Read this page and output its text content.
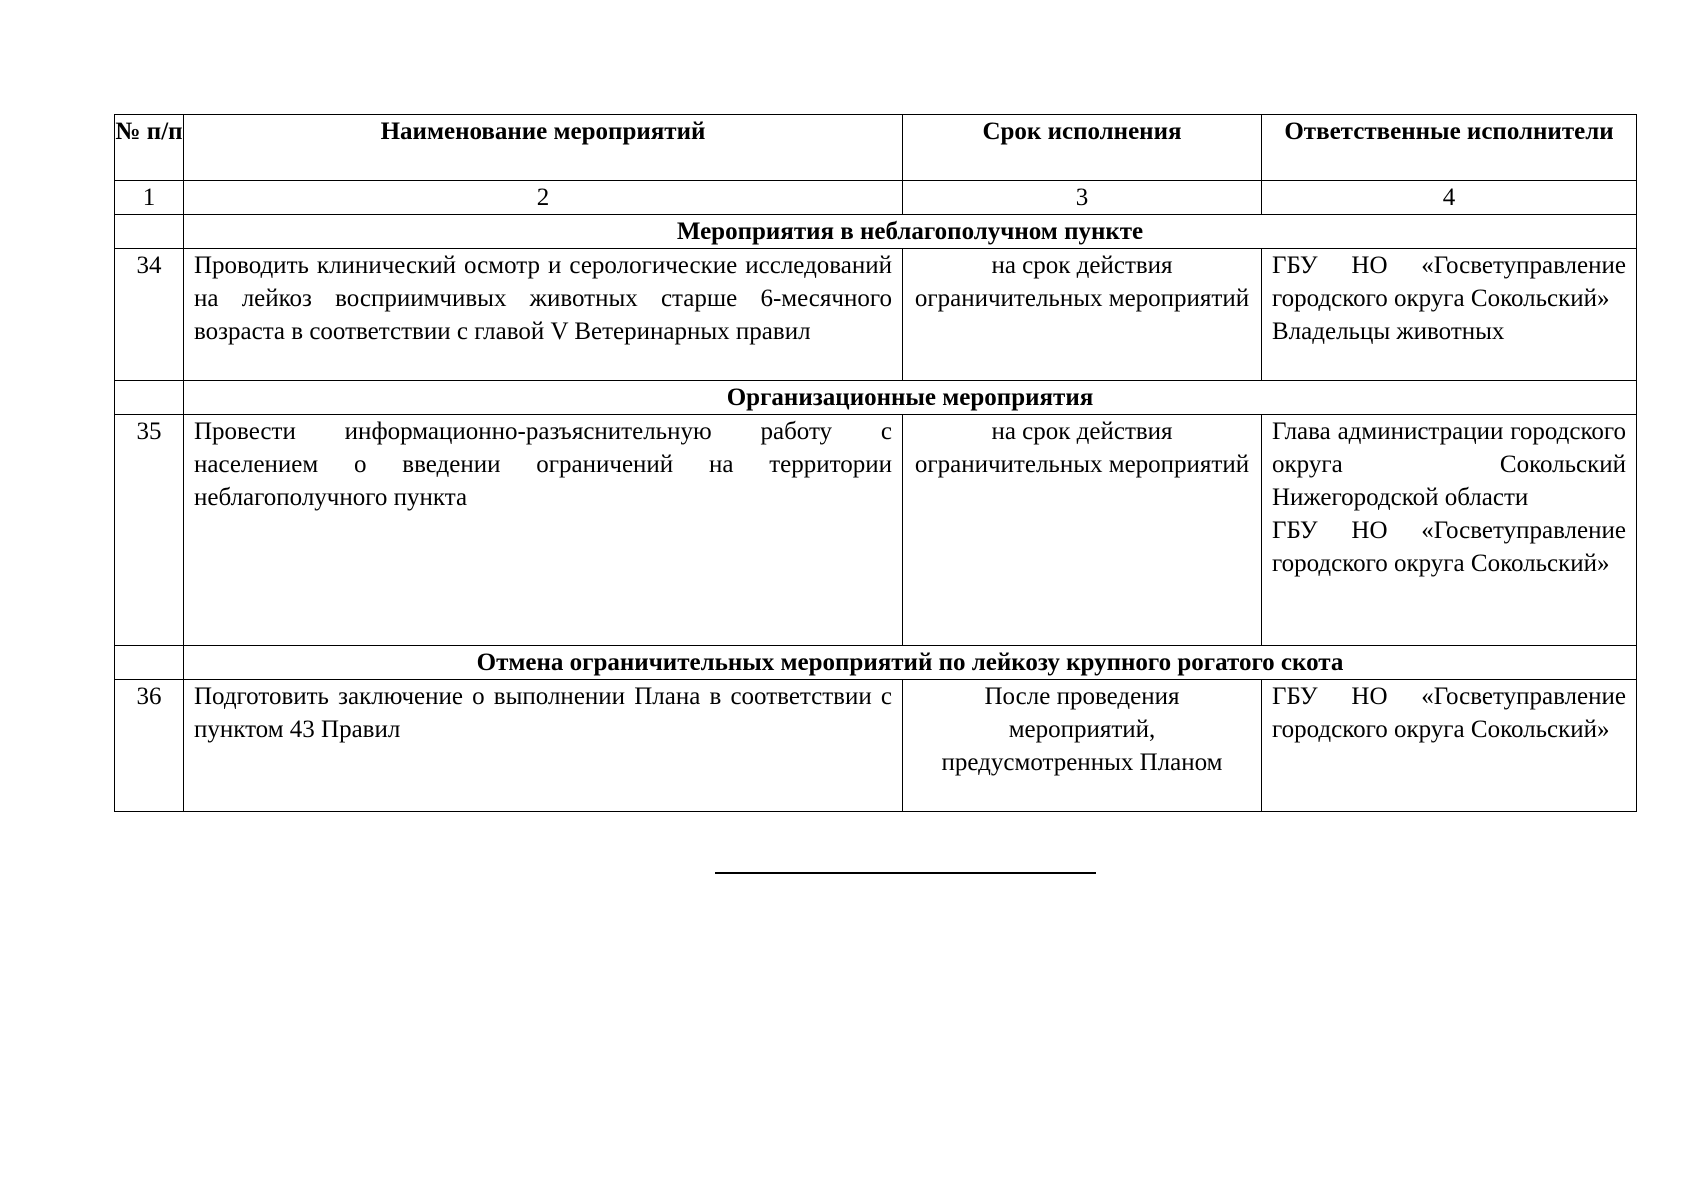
№ п/п	Наименование мероприятий	Срок исполнения	Ответственные исполнители
1	2	3	4
	Мероприятия в неблагополучном пункте		
34	Проводить клинический осмотр и серологические исследований на лейкоз восприимчивых животных старше 6-месячного возраста в соответствии с главой V Ветеринарных правил	на срок действия ограничительных мероприятий	ГБУ НО «Госветуправление городского округа Сокольский»
Владельцы животных

	Организационные мероприятия		
35	Провести информационно-разъяснительную работу с населением о введении ограничений на территории неблагополучного пункта	на срок действия ограничительных мероприятий	Глава администрации городского округа Сокольский Нижегородской области
ГБУ НО «Госветуправление городского округа Сокольский»

	Отмена ограничительных мероприятий по лейкозу крупного рогатого скота		
36	Подготовить заключение о выполнении Плана в соответствии с пунктом 43 Правил	После проведения мероприятий, предусмотренных Планом	ГБУ НО «Госветуправление городского округа Сокольский»
